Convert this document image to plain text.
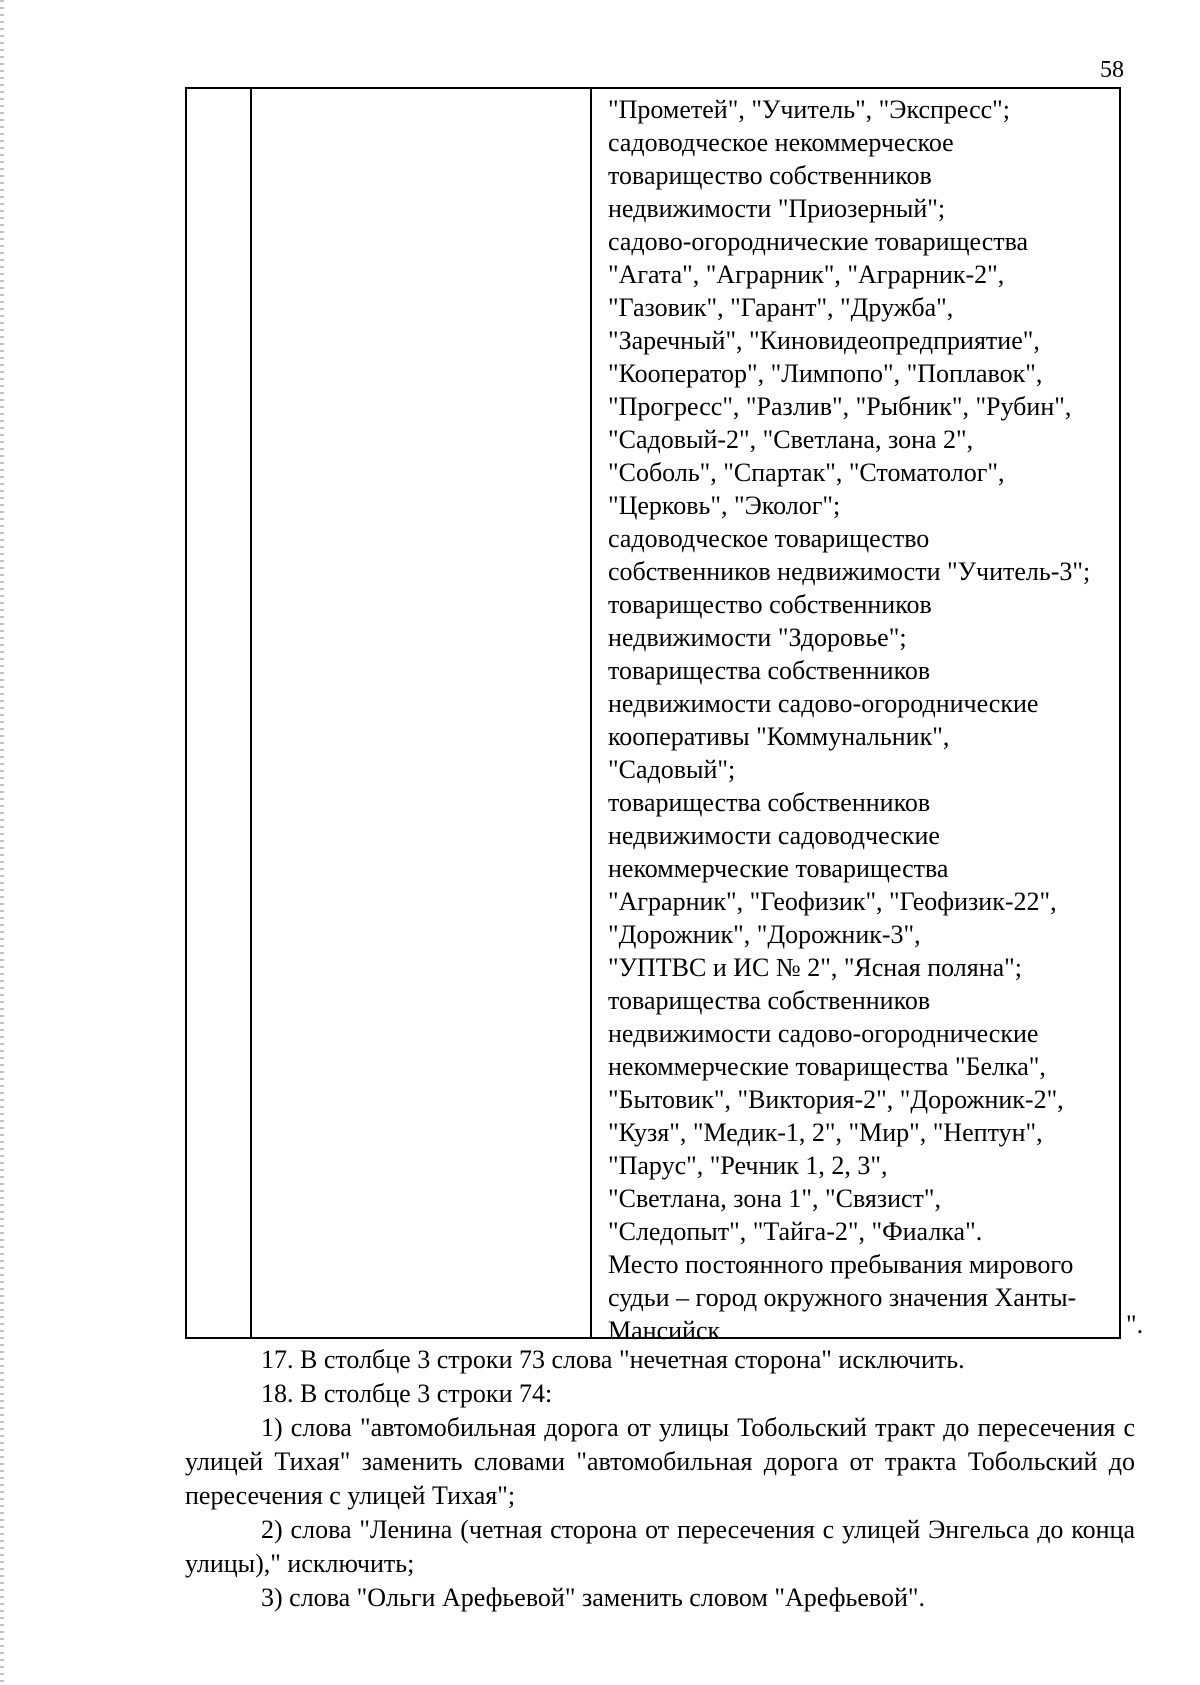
58
"Прометей", "Учитель", "Экспресс";
садоводческое некоммерческое
товарищество собственников
недвижимости "Приозерный";
садово-огороднические товарищества
"Агата", "Аграрник", "Аграрник-2",
"Газовик", "Гарант", "Дружба",
"Заречный", "Киновидеопредприятие",
"Кооператор", "Лимпопо", "Поплавок",
"Прогресс", "Разлив", "Рыбник", "Рубин",
"Садовый-2", "Светлана, зона 2",
"Соболь", "Спартак", "Стоматолог",
"Церковь", "Эколог";
садоводческое товарищество
собственников недвижимости "Учитель-3";
товарищество собственников
недвижимости "Здоровье";
товарищества собственников
недвижимости садово-огороднические
кооперативы "Коммунальник",
"Садовый";
товарищества собственников
недвижимости садоводческие
некоммерческие товарищества
"Аграрник", "Геофизик", "Геофизик-22",
"Дорожник", "Дорожник-3",
"УПТВС и ИС № 2", "Ясная поляна";
товарищества собственников
недвижимости садово-огороднические
некоммерческие товарищества "Белка",
"Бытовик", "Виктория-2", "Дорожник-2",
"Кузя", "Медик-1, 2", "Мир", "Нептун",
"Парус", "Речник 1, 2, 3",
"Светлана, зона 1", "Связист",
"Следопыт", "Тайга-2", "Фиалка".
Место постоянного пребывания мирового
судьи – город окружного значения Ханты-
Мансийск	".

17. В столбце 3 строки 73 слова "нечетная сторона" исключить.

18. В столбце 3 строки 74:

1) слова "автомобильная дорога от улицы Тобольский тракт до пересечения с улицей Тихая" заменить словами "автомобильная дорога от тракта Тобольский до пересечения с улицей Тихая";

2) слова "Ленина (четная сторона от пересечения с улицей Энгельса до конца улицы)," исключить;

3) слова "Ольги Арефьевой" заменить словом "Арефьевой".
